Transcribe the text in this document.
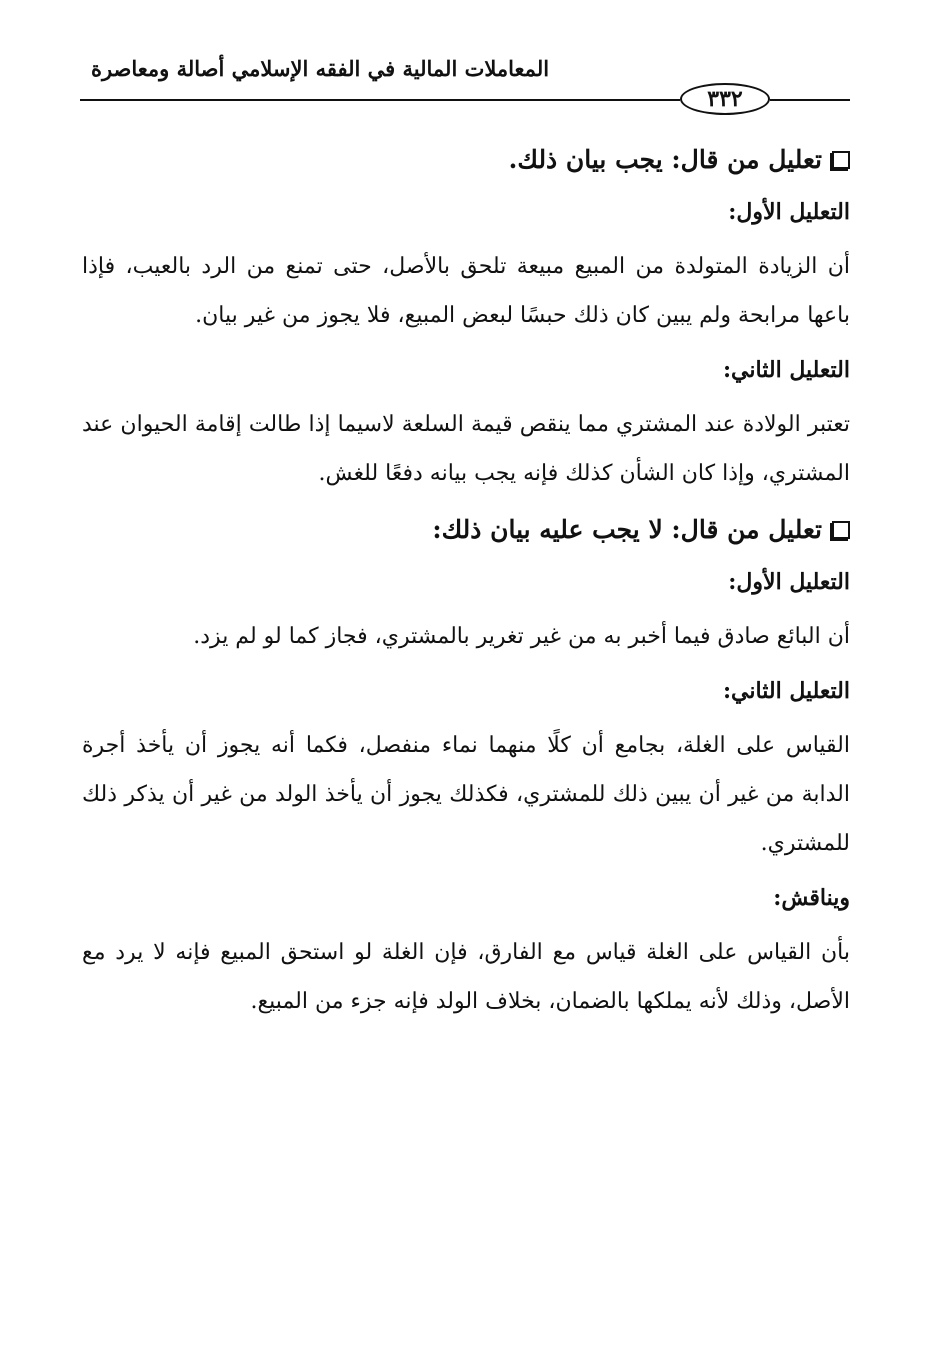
المعاملات المالية في الفقه الإسلامي أصالة ومعاصرة
٣٣٢
تعليل من قال: يجب بيان ذلك.
التعليل الأول:

أن الزيادة المتولدة من المبيع مبيعة تلحق بالأصل، حتى تمنع من الرد بالعيب، فإذا باعها مرابحة ولم يبين كان ذلك حبسًا لبعض المبيع، فلا يجوز من غير بيان.

التعليل الثاني:

تعتبر الولادة عند المشتري مما ينقص قيمة السلعة لاسيما إذا طالت إقامة الحيوان عند المشتري، وإذا كان الشأن كذلك فإنه يجب بيانه دفعًا للغش.

تعليل من قال: لا يجب عليه بيان ذلك:
التعليل الأول:

أن البائع صادق فيما أخبر به من غير تغرير بالمشتري، فجاز كما لو لم يزد.

التعليل الثاني:

القياس على الغلة، بجامع أن كلًا منهما نماء منفصل، فكما أنه يجوز أن يأخذ أجرة الدابة من غير أن يبين ذلك للمشتري، فكذلك يجوز أن يأخذ الولد من غير أن يذكر ذلك للمشتري.

ويناقش:

بأن القياس على الغلة قياس مع الفارق، فإن الغلة لو استحق المبيع فإنه لا يرد مع الأصل، وذلك لأنه يملكها بالضمان، بخلاف الولد فإنه جزء من المبيع.
